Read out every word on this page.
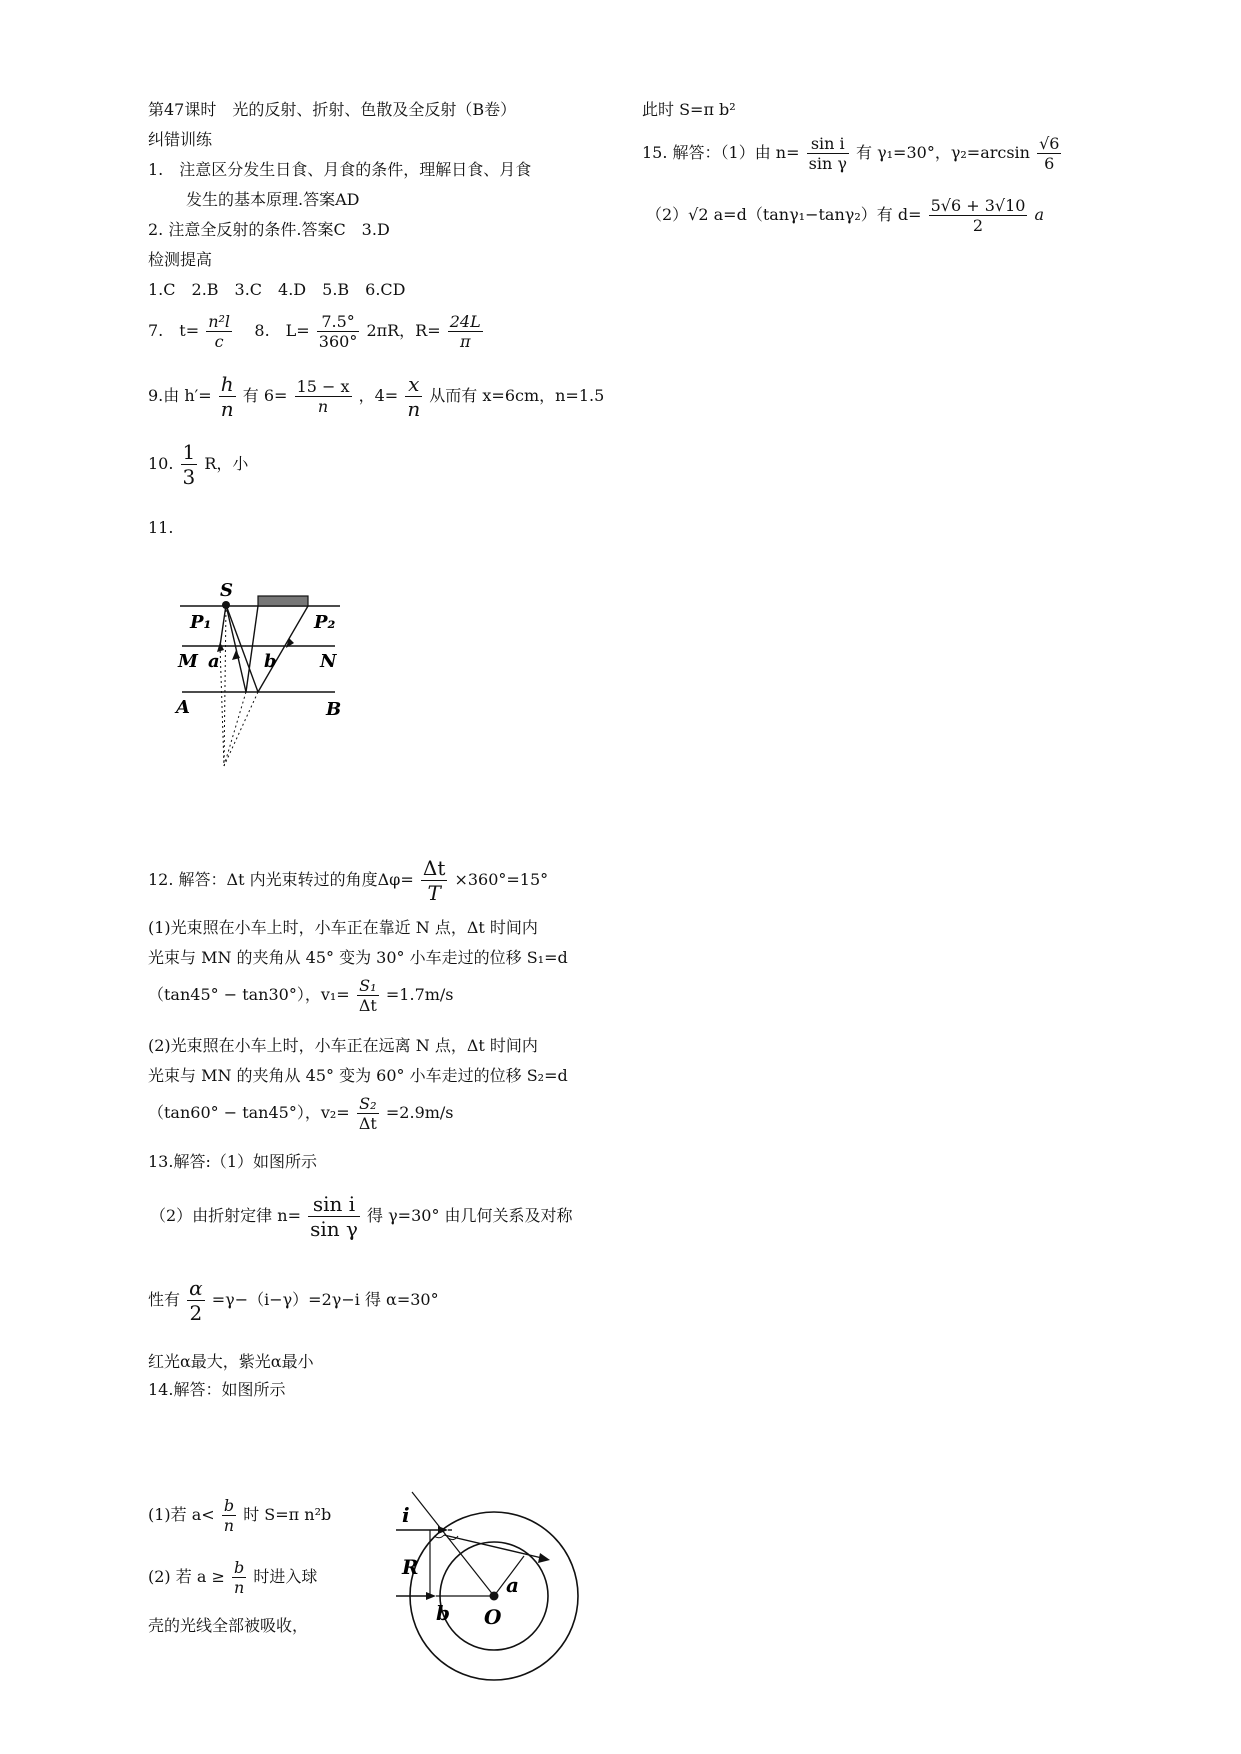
第47课时　光的反射、折射、色散及全反射（B卷）
纠错训练
1.　注意区分发生日食、月食的条件，理解日食、月食
发生的基本原理.答案AD
2. 注意全反射的条件.答案C　3.D
检测提高
1.C　2.B　3.C　4.D　5.B　6.CD
7.　$t= \frac{\text{n²l}}{c} 8$.　$L= \frac{7.5^\circ}{360^\circ} 2\pi R$，$R= \frac{24L}{\pi}$
9.由 $h'= \frac{h}{n}$ 有 $6= \frac{15 - x}{n}$ ，$4= \frac{x}{n}$ 从而有 x=6cm，n=1.5
10. $\frac{1}{3}$ R，小
11.
S
P₁	P₂
M a b N
A	B
12. 解答：Δt 内光束转过的角度$\Delta\varphi= \frac{\Delta t}{T} \times 360^\circ=15^\circ$
(1)光束照在小车上时，小车正在靠近 N 点，Δt 时间内
光束与 MN 的夹角从 45° 变为 30° 小车走过的位移 S₁=d
（tan45° − tan30°），$v_1= \frac{\text{S₁}}{\Delta t} =1.7m/s$
(2)光束照在小车上时，小车正在远离 N 点，Δt 时间内
光束与 MN 的夹角从 45° 变为 60° 小车走过的位移 S₂=d
（tan60° − tan45°），$v_2= \frac{\text{S₂}}{\Delta t} =2.9m/s$
13.解答:（1）如图所示
（2）由折射定律 $n= \frac{\text{sin i}}{\text{sin γ}}$ 得 γ=30° 由几何关系及对称
性有 $\frac{\alpha}{2} =\gamma-(i-\gamma)=2\gamma-i$ 得 α=30°
红光α最大，紫光α最小
14.解答：如图所示
(1)若 $a< \frac{b}{n}$ 时 S=π n²b
(2) 若 $a \ge \frac{b}{n}$ 时进入球
壳的光线全部被吸收，
i
R
b
a
O
此时 S=π b²
15. 解答：（1）由 $n= \frac{\text{sin i}}{\text{sin γ}}$ 有 γ₁=30°，$\gamma_2=\arcsin \frac{√6}{6}$
（2）√2 a=d（tanγ₁−tanγ₂）有 $d= \frac{5√6 + 3√10}{2}$ a
